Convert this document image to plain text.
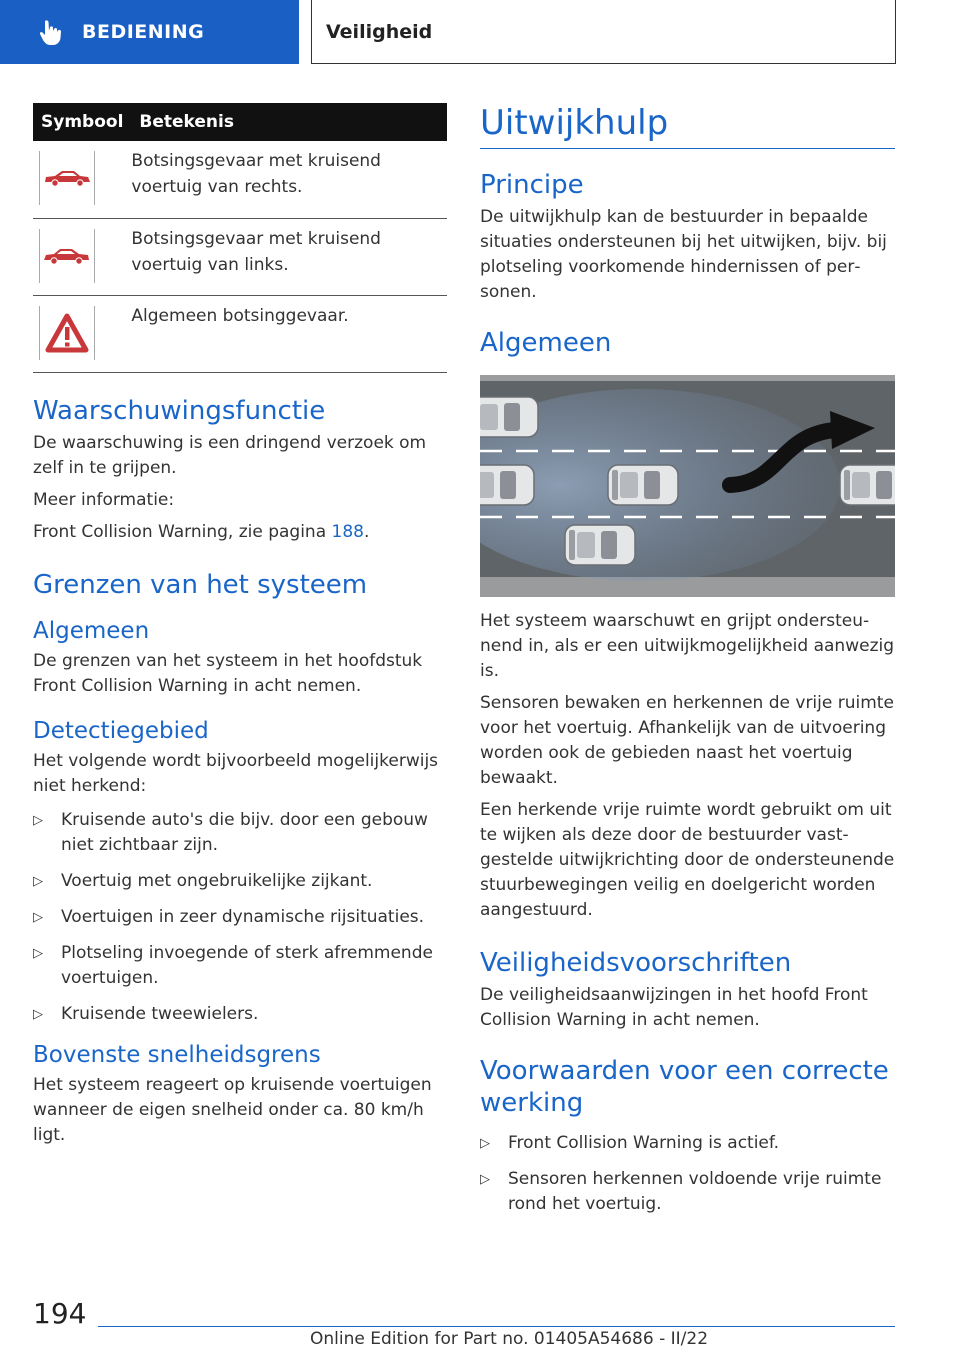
BEDIENING	Veiligheid
Symbool	Betekenis

	Botsingsgevaar met kruisend voertuig van rechts.

	Botsingsgevaar met kruisend voertuig van links.

	Algemeen botsinggevaar.
Waarschuwingsfunctie

De waarschuwing is een dringend verzoek om zelf in te grijpen.

Meer informatie:

Front Collision Warning, zie pagina 188.

Grenzen van het systeem
Algemeen

De grenzen van het systeem in het hoofdstuk Front Collision Warning in acht nemen.

Detectiegebied

Het volgende wordt bijvoorbeeld mogelijkerwijs niet herkend:

▷ Kruisende auto's die bijv. door een gebouw niet zichtbaar zijn.
▷ Voertuig met ongebruikelijke zijkant.
▷ Voertuigen in zeer dynamische rijsituaties.
▷ Plotseling invoegende of sterk afremmende voertuigen.
▷ Kruisende tweewielers.
Bovenste snelheidsgrens

Het systeem reageert op kruisende voertuigen wanneer de eigen snelheid onder ca. 80 km/h ligt.

Uitwijkhulp
Principe

De uitwijkhulp kan de bestuurder in bepaalde situaties ondersteunen bij het uitwijken, bijv. bij plotseling voorkomende hindernissen of personen.

Algemeen

Het systeem waarschuwt en grijpt ondersteunend in, als er een uitwijkmogelijkheid aanwezig is.

Sensoren bewaken en herkennen de vrije ruimte voor het voertuig. Afhankelijk van de uitvoering worden ook de gebieden naast het voertuig bewaakt.

Een herkende vrije ruimte wordt gebruikt om uit te wijken als deze door de bestuurder vastgestelde uitwijkrichting door de ondersteunende stuurbewegingen veilig en doelgericht worden aangestuurd.

Veiligheidsvoorschriften

De veiligheidsaanwijzingen in het hoofd Front Collision Warning in acht nemen.

Voorwaarden voor een correcte werking
▷ Front Collision Warning is actief.
▷ Sensoren herkennen voldoende vrije ruimte rond het voertuig.
194
Online Edition for Part no. 01405A54686 - II/22
